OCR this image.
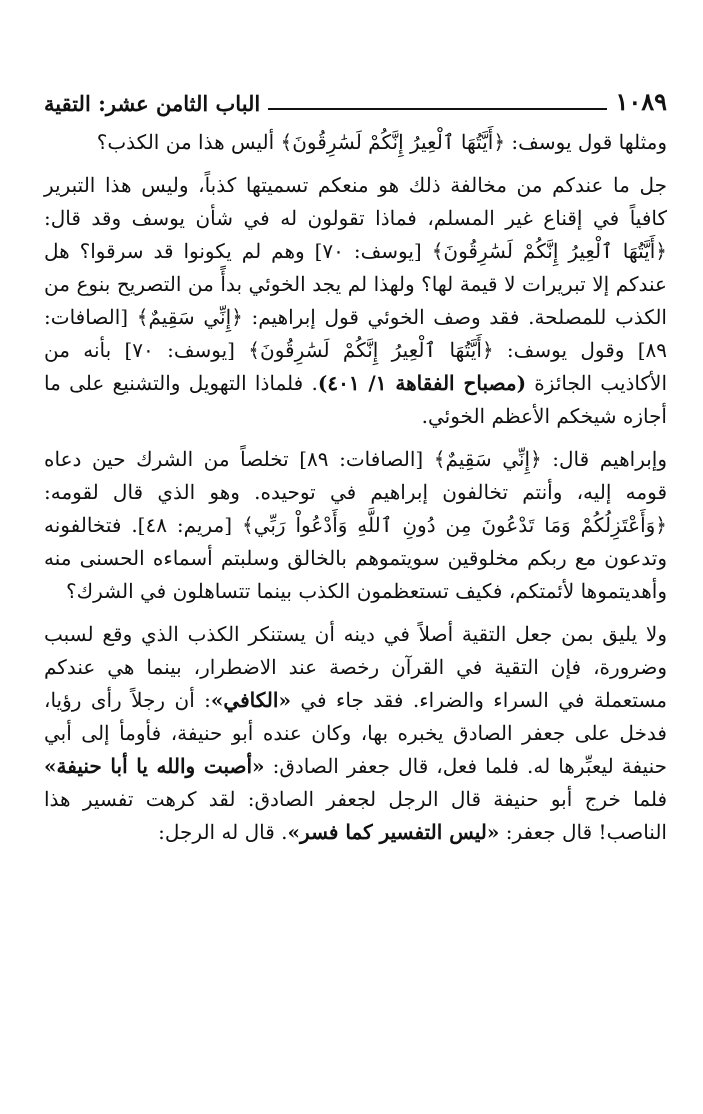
الباب الثامن عشر: التقية	١٠٨٩

ومثلها قول يوسف: ﴿أَيَّتُهَا ٱلْعِيرُ إِنَّكُمْ لَسَٰرِقُونَ﴾ أليس هذا من الكذب؟

جل ما عندكم من مخالفة ذلك هو منعكم تسميتها كذباً، وليس هذا التبرير كافياً في إقناع غير المسلم، فماذا تقولون له في شأن يوسف وقد قال: ﴿أَيَّتُهَا ٱلْعِيرُ إِنَّكُمْ لَسَٰرِقُونَ﴾ [يوسف: ٧٠] وهم لم يكونوا قد سرقوا؟ هل عندكم إلا تبريرات لا قيمة لها؟ ولهذا لم يجد الخوئي بدأً من التصريح بنوع من الكذب للمصلحة. فقد وصف الخوئي قول إبراهيم: ﴿إِنِّي سَقِيمٌ﴾ [الصافات: ٨٩] وقول يوسف: ﴿أَيَّتُهَا ٱلْعِيرُ إِنَّكُمْ لَسَٰرِقُونَ﴾ [يوسف: ٧٠] بأنه من الأكاذيب الجائزة (مصباح الفقاهة ١/ ٤٠١). فلماذا التهويل والتشنيع على ما أجازه شيخكم الأعظم الخوئي.

وإبراهيم قال: ﴿إِنِّي سَقِيمٌ﴾ [الصافات: ٨٩] تخلصاً من الشرك حين دعاه قومه إليه، وأنتم تخالفون إبراهيم في توحيده. وهو الذي قال لقومه: ﴿وَأَعْتَزِلُكُمْ وَمَا تَدْعُونَ مِن دُونِ ٱللَّهِ وَأَدْعُواْ رَبِّي﴾ [مريم: ٤٨]. فتخالفونه وتدعون مع ربكم مخلوقين سويتموهم بالخالق وسلبتم أسماءه الحسنى منه وأهديتموها لأئمتكم، فكيف تستعظمون الكذب بينما تتساهلون في الشرك؟

ولا يليق بمن جعل التقية أصلاً في دينه أن يستنكر الكذب الذي وقع لسبب وضرورة، فإن التقية في القرآن رخصة عند الاضطرار، بينما هي عندكم مستعملة في السراء والضراء. فقد جاء في «الكافي»: أن رجلاً رأى رؤيا، فدخل على جعفر الصادق يخبره بها، وكان عنده أبو حنيفة، فأومأ إلى أبي حنيفة ليعبِّرها له. فلما فعل، قال جعفر الصادق: «أصبت والله يا أبا حنيفة» فلما خرج أبو حنيفة قال الرجل لجعفر الصادق: لقد كرهت تفسير هذا الناصب! قال جعفر: «ليس التفسير كما فسر». قال له الرجل:
